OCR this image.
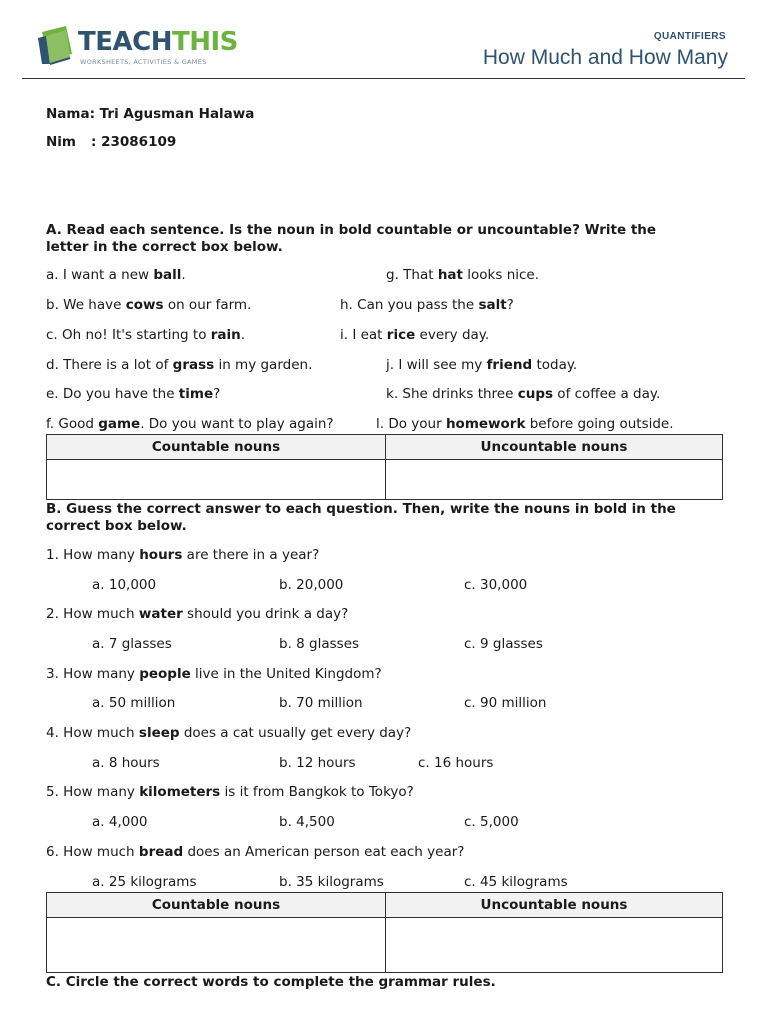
TEACHTHIS
WORKSHEETS, ACTIVITIES & GAMES
QUANTIFIERS
How Much and How Many
Nama: Tri Agusman Halawa
Nim : 23086109
A. Read each sentence. Is the noun in bold countable or uncountable? Write the
letter in the correct box below.
a. I want a new ball.
b. We have cows on our farm.
c. Oh no! It's starting to rain.
d. There is a lot of grass in my garden.
e. Do you have the time?
f. Good game. Do you want to play again?
g. That hat looks nice.
h. Can you pass the salt?
i. I eat rice every day.
j. I will see my friend today.
k. She drinks three cups of coffee a day.
l. Do your homework before going outside.
Countable nouns	Uncountable nouns

B. Guess the correct answer to each question. Then, write the nouns in bold in the
correct box below.
1. How many hours are there in a year?
a. 10,000	b. 20,000	c. 30,000
2. How much water should you drink a day?
a. 7 glasses	b. 8 glasses	c. 9 glasses
3. How many people live in the United Kingdom?
a. 50 million	b. 70 million	c. 90 million
4. How much sleep does a cat usually get every day?
a. 8 hours	b. 12 hours	c. 16 hours
5. How many kilometers is it from Bangkok to Tokyo?
a. 4,000	b. 4,500	c. 5,000
6. How much bread does an American person eat each year?
a. 25 kilograms	b. 35 kilograms	c. 45 kilograms
Countable nouns	Uncountable nouns

C. Circle the correct words to complete the grammar rules.
